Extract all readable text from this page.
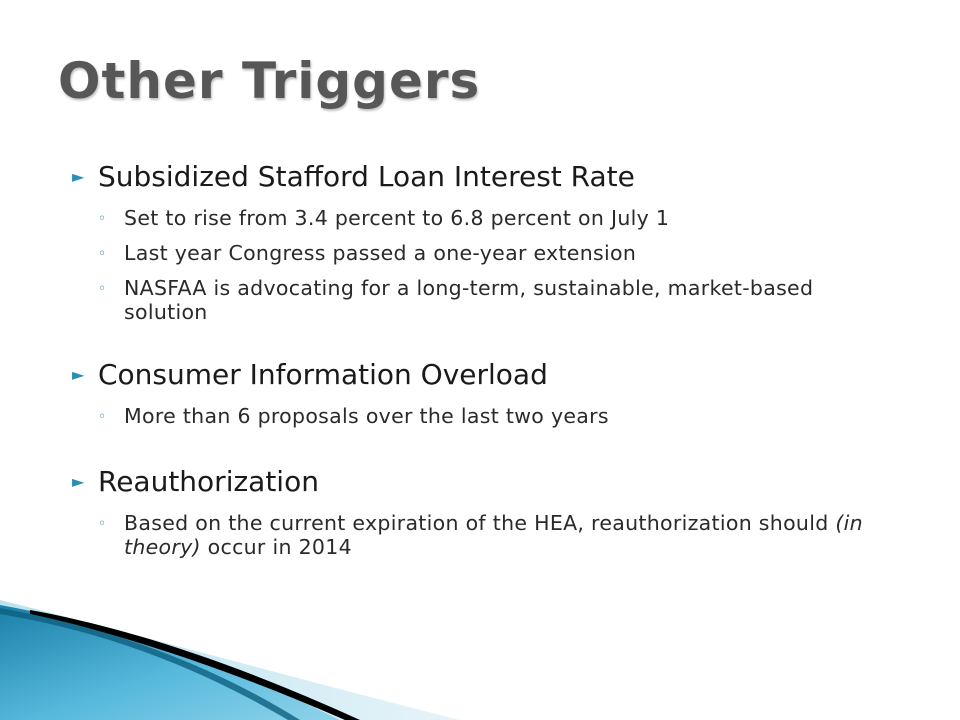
Other Triggers
► Subsidized Stafford Loan Interest Rate
◦ Set to rise from 3.4 percent to 6.8 percent on July 1
◦ Last year Congress passed a one-year extension
◦ NASFAA is advocating for a long-term, sustainable, market-based solution
► Consumer Information Overload
◦ More than 6 proposals over the last two years
► Reauthorization
◦ Based on the current expiration of the HEA, reauthorization should (in theory) occur in 2014
